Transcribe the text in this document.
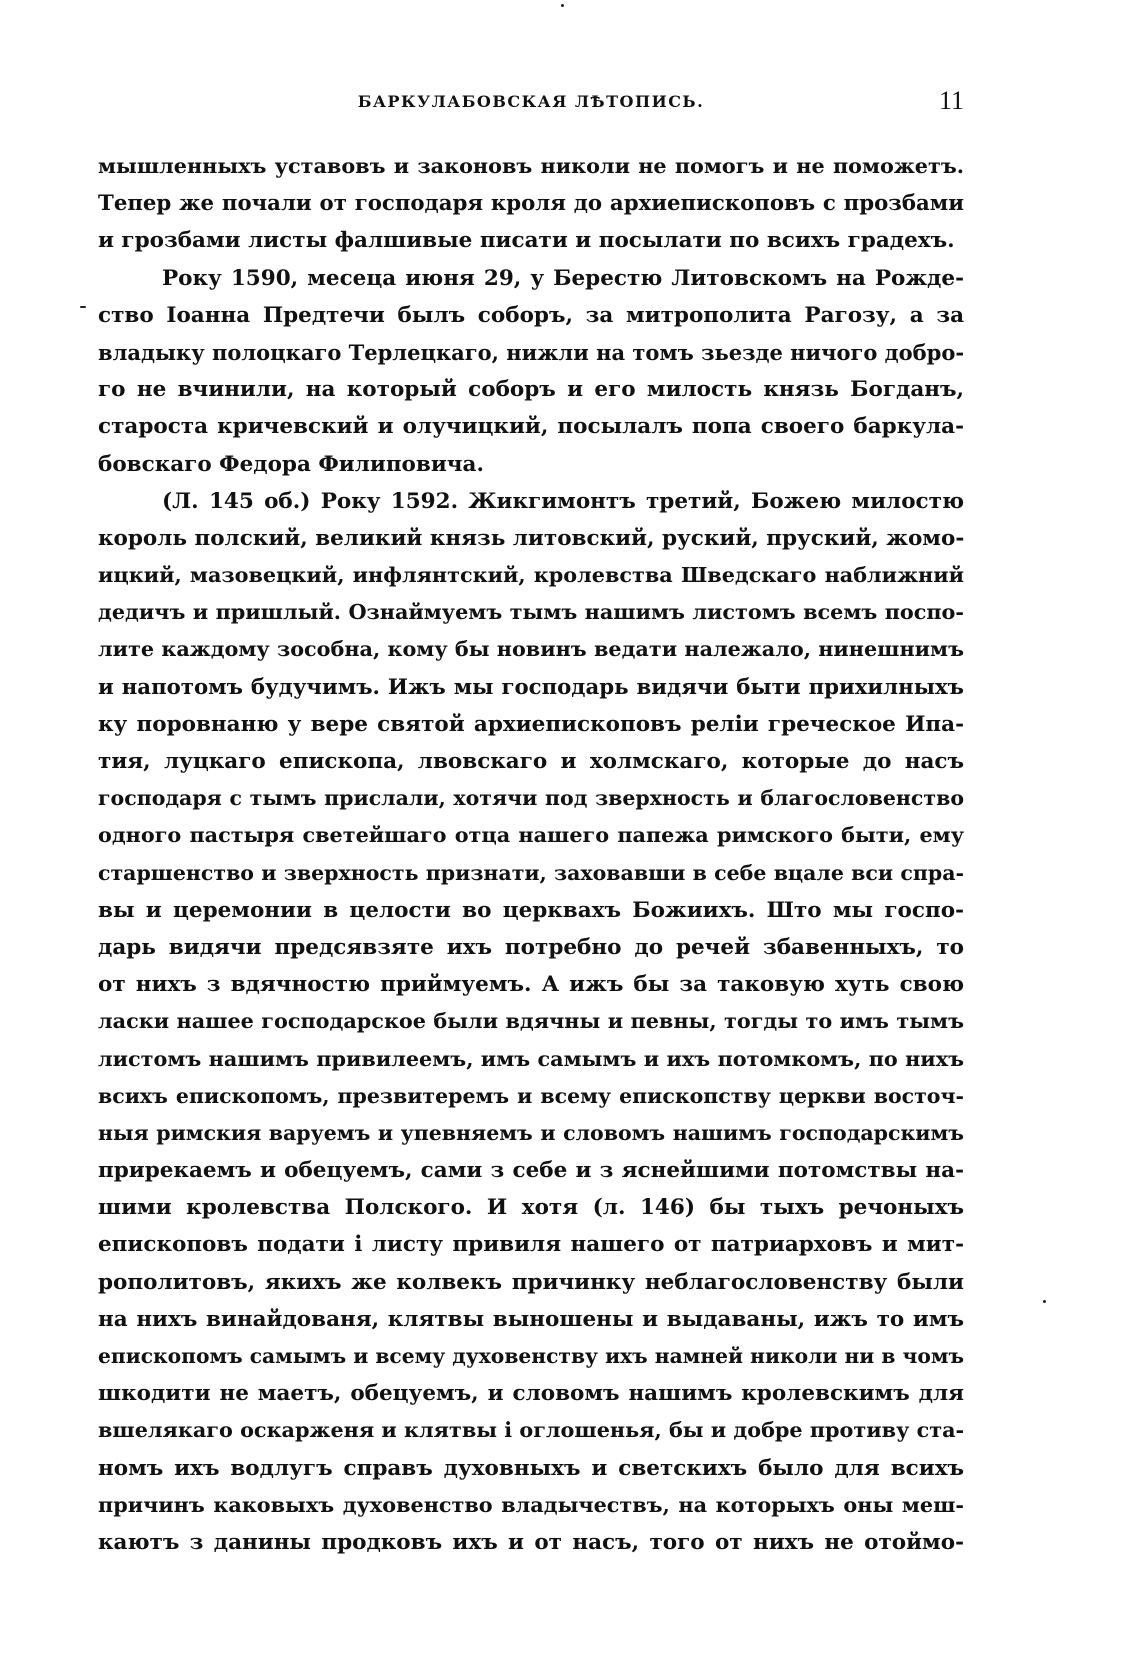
БАРКУЛАБОВСКАЯ ЛѢТОПИСЬ.	11
мышленныхъ уставовъ и законовъ николи не помогъ и не поможетъ.
Тепер же почали от господаря кроля до архиепископовъ с прозбами
и грозбами листы фалшивые писати и посылати по всихъ градехъ.
Року 1590, месеца июня 29, у Берестю Литовскомъ на Рожде-
ство Іоанна Предтечи былъ соборъ, за митрополита Рагозу, а за
владыку полоцкаго Терлецкаго, нижли на томъ зьезде ничого добро-
го не вчинили, на который соборъ и его милость князь Богданъ,
староста кричевский и олучицкий, посылалъ попа своего баркула-
бовскаго Федора Филиповича.
(Л. 145 об.) Року 1592. Жикгимонтъ третий, Божею милостю
король полский, великий князь литовский, руский, пруский, жомо-
ицкий, мазовецкий, инфлянтский, кролевства Шведскаго наближний
дедичъ и пришлый. Ознаймуемъ тымъ нашимъ листомъ всемъ поспо-
лите каждому зособна, кому бы новинъ ведати належало, нинешнимъ
и напотомъ будучимъ. Ижъ мы господарь видячи быти прихилныхъ
ку поровнаню у вере святой архиепископовъ реліи греческое Ипа-
тия, луцкаго епископа, лвовскаго и холмскаго, которые до насъ
господаря с тымъ прислали, хотячи под зверхность и благословенство
одного пастыря светейшаго отца нашего папежа римского быти, ему
старшенство и зверхность признати, заховавши в себе вцале вси спра-
вы и церемонии в целости во церквахъ Божиихъ. Што мы госпо-
дарь видячи предсявзяте ихъ потребно до речей збавенныхъ, то
от нихъ з вдячностю приймуемъ. А ижъ бы за таковую хуть свою
ласки нашее господарское были вдячны и певны, тогды то имъ тымъ
листомъ нашимъ привилеемъ, имъ самымъ и ихъ потомкомъ, по нихъ
всихъ епископомъ, презвитеремъ и всему епископству церкви восточ-
ныя римския варуемъ и упевняемъ и словомъ нашимъ господарскимъ
прирекаемъ и обецуемъ, сами з себе и з яснейшими потомствы на-
шими кролевства Полского. И хотя (л. 146) бы тыхъ речоныхъ
епископовъ подати і листу привиля нашего от патриарховъ и мит-
рополитовъ, якихъ же колвекъ причинку неблагословенству были
на нихъ винайдованя, клятвы вынoшены и выдаваны, ижъ то имъ
епископомъ самымъ и всему духовенству ихъ намней николи ни в чомъ
шкодити не маетъ, обецуемъ, и словомъ нашимъ кролевскимъ для
вшелякаго оскарженя и клятвы і оглошенья, бы и добре противу ста-
номъ ихъ водлугъ справъ духовныхъ и светскихъ было для всихъ
причинъ каковыхъ духовенство владычествъ, на которыхъ оны меш-
каютъ з данины продковъ ихъ и от насъ, того от нихъ не отоймо-
